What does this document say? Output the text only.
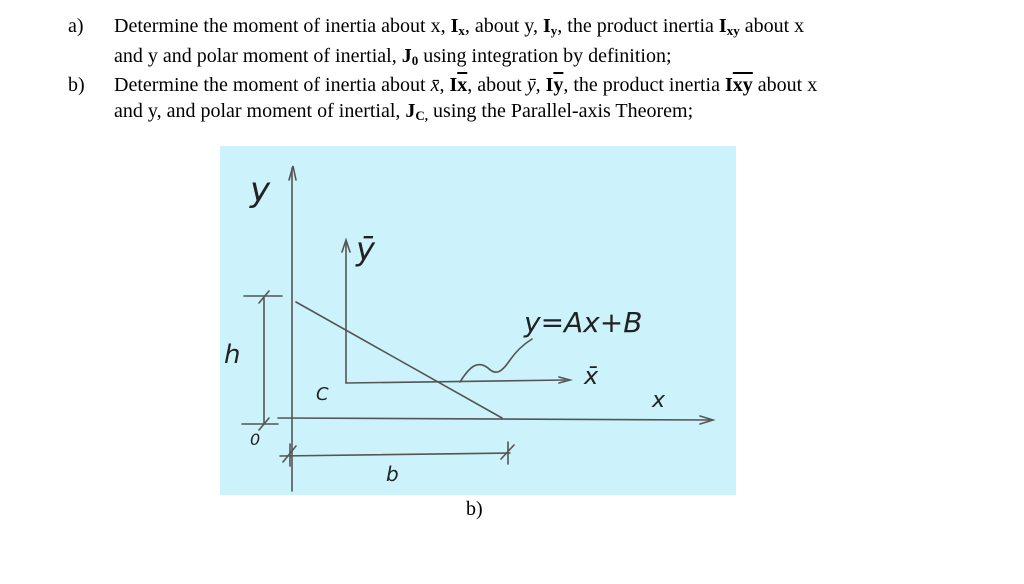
a) Determine the moment of inertia about x, $I_x$, about y, $I_y$, the product inertia $I_{xy}$ about x
and y and polar moment of inertial, $J_0$ using integration by definition;
b) Determine the moment of inertia about x̄, $I\overline{x}$, about ȳ, $I\overline{y}$, the product inertia $I\overline{xy}$ about x
and y, and polar moment of inertial, $J_{C,}$ using the Parallel-axis Theorem;
y
ȳ
y=Ax+B
x̄
x
C
h
0
b
b)
